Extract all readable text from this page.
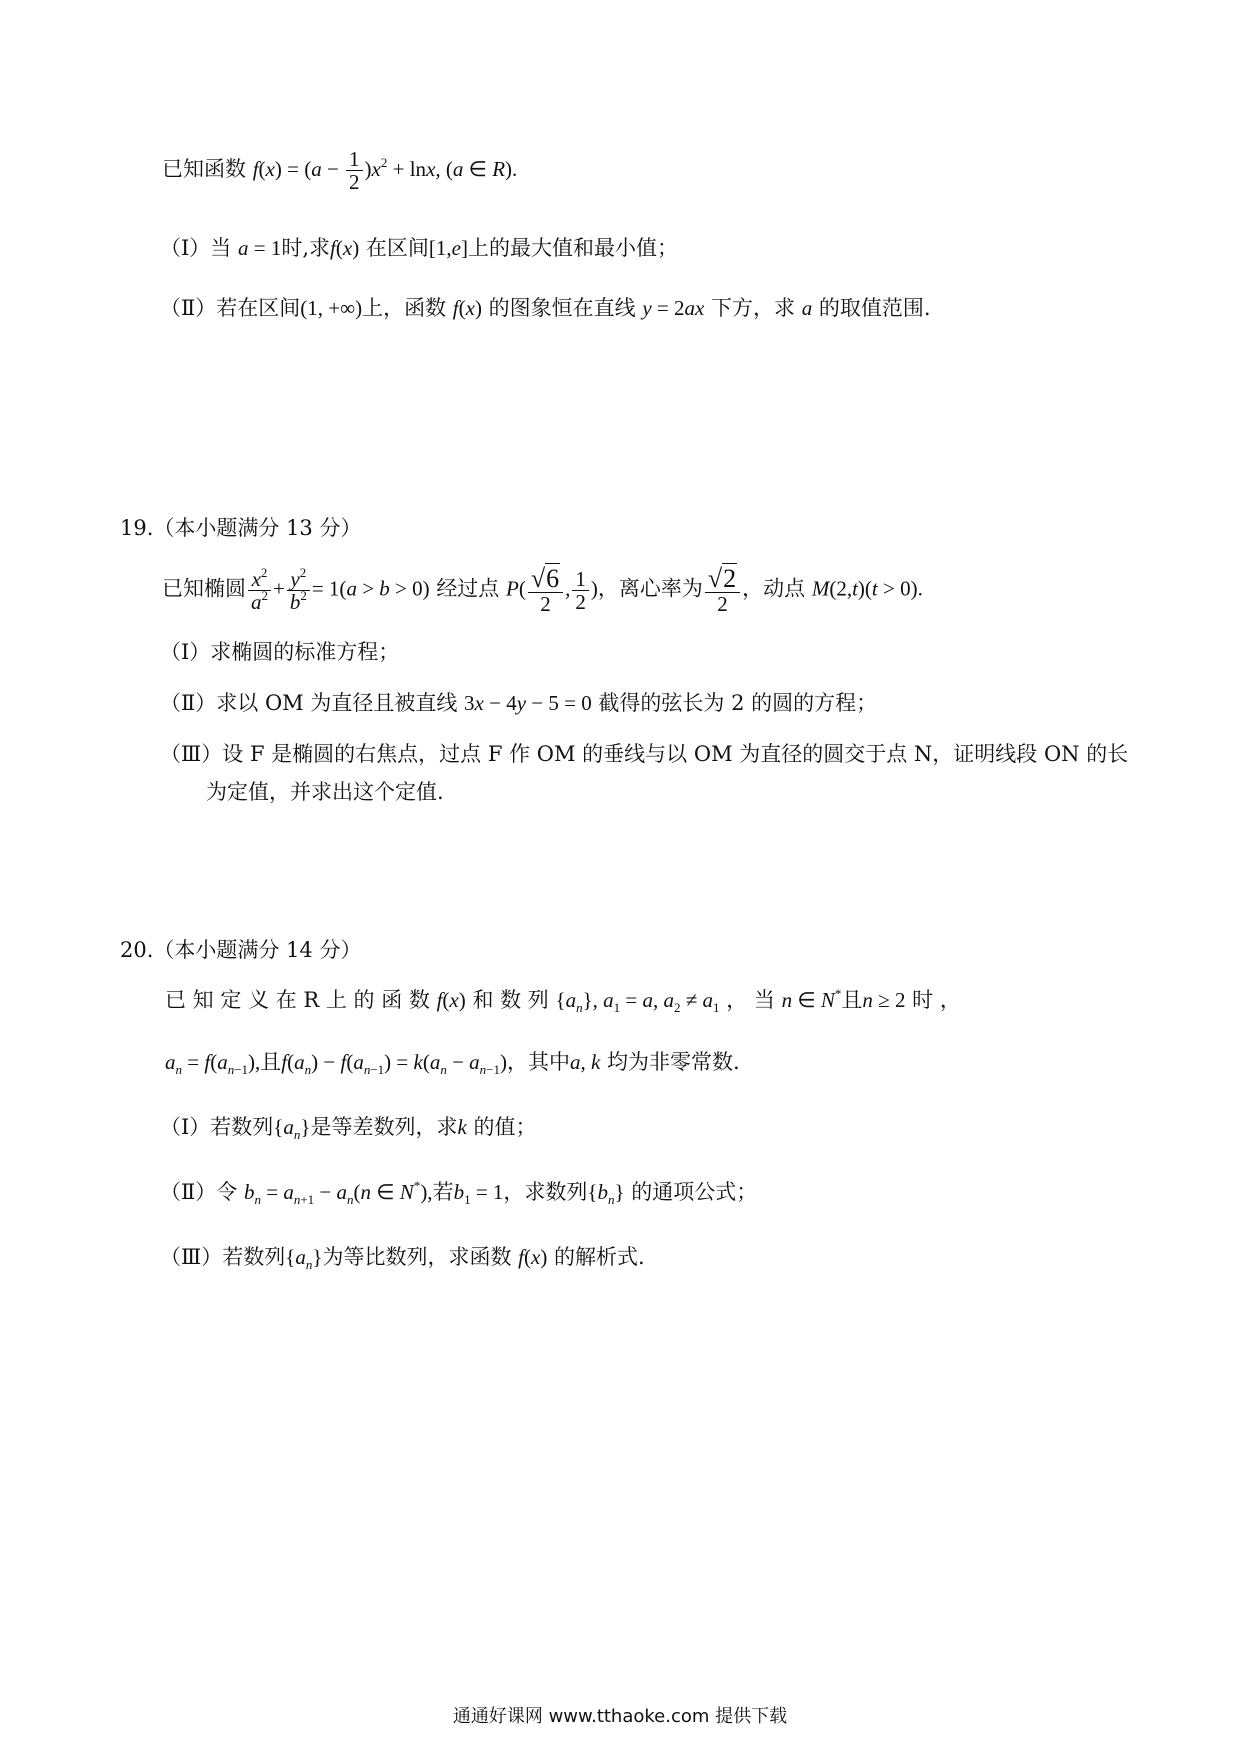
已知函数 $f(x) = (a - \frac{1}{2} )x^2 + \ln x$, (a ∈ R).
（Ⅰ）当 a = 1时,求f(x) 在区间[1,e]上的最大值和最小值；
（Ⅱ）若在区间(1, +∞)上，函数 f(x) 的图象恒在直线 y = 2ax 下方，求 a 的取值范围.
19.（本小题满分 13 分）
已知椭圆 $\frac{x^2}{a^2} + \frac{y^2}{b^2} = 1(a > b > 0)$ 经过点 $P( \frac{√6}{2}$ , $\frac{1}{2}$ )，离心率为 $\frac{√2}{2}$ ，动点 M(2,t)(t > 0).
（Ⅰ）求椭圆的标准方程；
（Ⅱ）求以 OM 为直径且被直线 3x − 4y − 5 = 0 截得的弦长为 2 的圆的方程；
（Ⅲ）设 F 是椭圆的右焦点，过点 F 作 OM 的垂线与以 OM 为直径的圆交于点 N，证明线段 ON 的长
为定值，并求出这个定值.
20.（本小题满分 14 分）
已 知 定 义 在 R 上 的 函 数 f(x) 和 数 列 $\{a_n\}$, $a_1 = a$, $a_2 \ne a_1$ ， 当 n ∈ N*且n ≥ 2 时 ，
$a_n = f(a_{n-1})$,且$f(a_n) - f(a_{n-1}) = k(a_n - a_{n-1})$，其中a, k 均为非零常数.
（Ⅰ）若数列$\{a_n\}$是等差数列，求k 的值；
（Ⅱ）令 $b_n = a_{n+1} - a_n(n$ ∈ N*),若$b_1 = 1$，求数列$\{b_n\}$ 的通项公式；
（Ⅲ）若数列$\{a_n\}$为等比数列，求函数 f(x) 的解析式.
通通好课网 www.tthaoke.com 提供下载
